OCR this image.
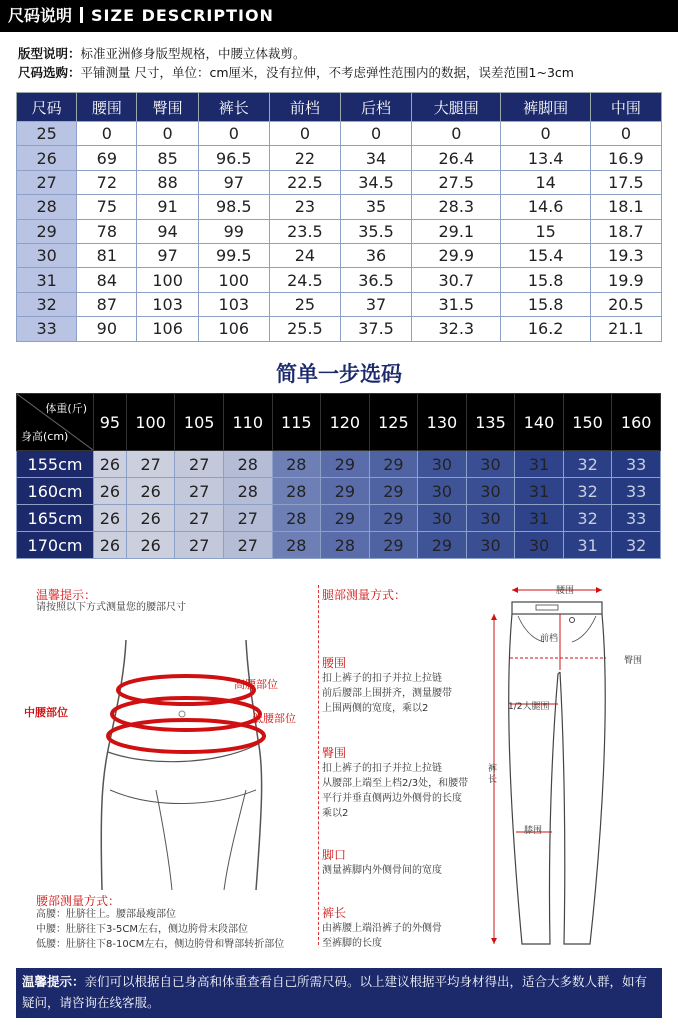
尺码说明 SIZE DESCRIPTION
版型说明：标准亚洲修身版型规格，中腰立体裁剪。
尺码选购：平铺测量 尺寸，单位：cm厘米，没有拉伸，不考虑弹性范围内的数据，误差范围1~3cm
尺码	腰围	臀围	裤长	前档	后档	大腿围	裤脚围	中围
25	0	0	0	0	0	0	0	0
26	69	85	96.5	22	34	26.4	13.4	16.9
27	72	88	97	22.5	34.5	27.5	14	17.5
28	75	91	98.5	23	35	28.3	14.6	18.1
29	78	94	99	23.5	35.5	29.1	15	18.7
30	81	97	99.5	24	36	29.9	15.4	19.3
31	84	100	100	24.5	36.5	30.7	15.8	19.9
32	87	103	103	25	37	31.5	15.8	20.5
33	90	106	106	25.5	37.5	32.3	16.2	21.1
简单一步选码
体重(斤)
身高(cm)	95	100	105	110	115	120	125	130	135	140	150	160
155cm	26	27	27	28	28	29	29	30	30	31	32	33
160cm	26	26	27	28	28	29	29	30	30	31	32	33
165cm	26	26	27	27	28	29	29	30	30	31	32	33
170cm	26	26	27	27	28	28	29	29	30	30	31	32
温馨提示：
请按照以下方式测量您的腰部尺寸
高腰部位
中腰部位	低腰部位
腰部测量方式：
高腰：肚脐往上。腰部最瘦部位
中腰：肚脐往下3-5CM左右，侧边胯骨末段部位
低腰：肚脐往下8-10CM左右，侧边胯骨和臀部转折部位
腿部测量方式：
腰围
扣上裤子的扣子并拉上拉链
前后腰部上围拼齐，测量腰带
上围两侧的宽度，乘以2
臀围
扣上裤子的扣子并拉上拉链
从腰部上端至上档2/3处，和腰带
平行并垂直侧两边外侧骨的长度
乘以2
脚口
测量裤脚内外侧骨间的宽度
裤长
由裤腰上端沿裤子的外侧骨
至裤脚的长度
腰围
前档
臀围
1/2大腿围
裤长
膝围
温馨提示：亲们可以根据自已身高和体重查看自己所需尺码。以上建议根据平均身材得出，适合大多数人群，如有疑问，请咨询在线客服。
